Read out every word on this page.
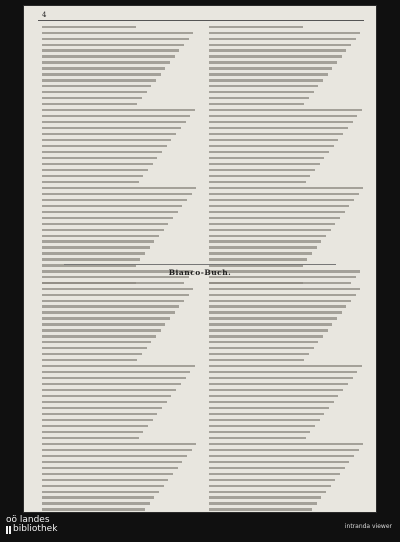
4
Bianco-Buch.
oö landes
bibliothek	intranda viewer
